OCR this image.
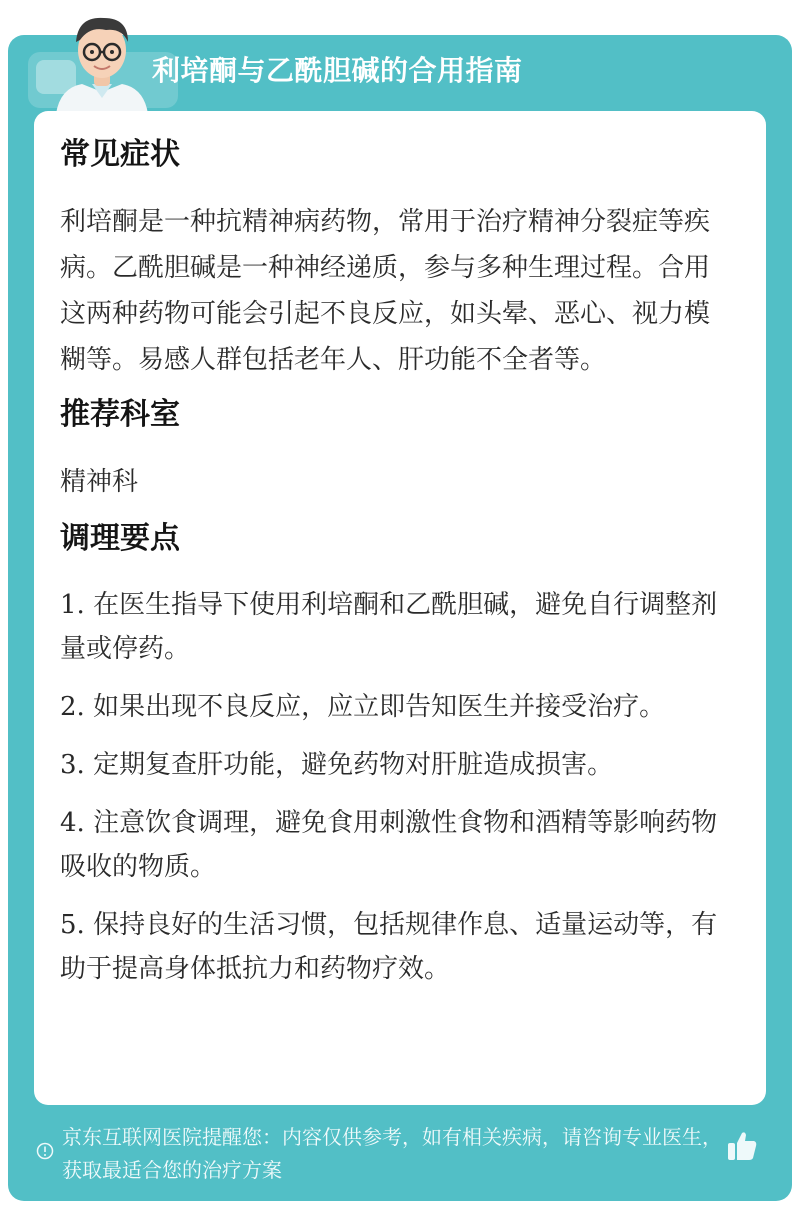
利培酮与乙酰胆碱的合用指南
常见症状
利培酮是一种抗精神病药物，常用于治疗精神分裂症等疾病。乙酰胆碱是一种神经递质，参与多种生理过程。合用这两种药物可能会引起不良反应，如头晕、恶心、视力模糊等。易感人群包括老年人、肝功能不全者等。
推荐科室
精神科
调理要点
1. 在医生指导下使用利培酮和乙酰胆碱，避免自行调整剂量或停药。
2. 如果出现不良反应，应立即告知医生并接受治疗。
3. 定期复查肝功能，避免药物对肝脏造成损害。
4. 注意饮食调理，避免食用刺激性食物和酒精等影响药物吸收的物质。
5. 保持良好的生活习惯，包括规律作息、适量运动等，有助于提高身体抵抗力和药物疗效。
京东互联网医院提醒您：内容仅供参考，如有相关疾病，请咨询专业医生，获取最适合您的治疗方案
